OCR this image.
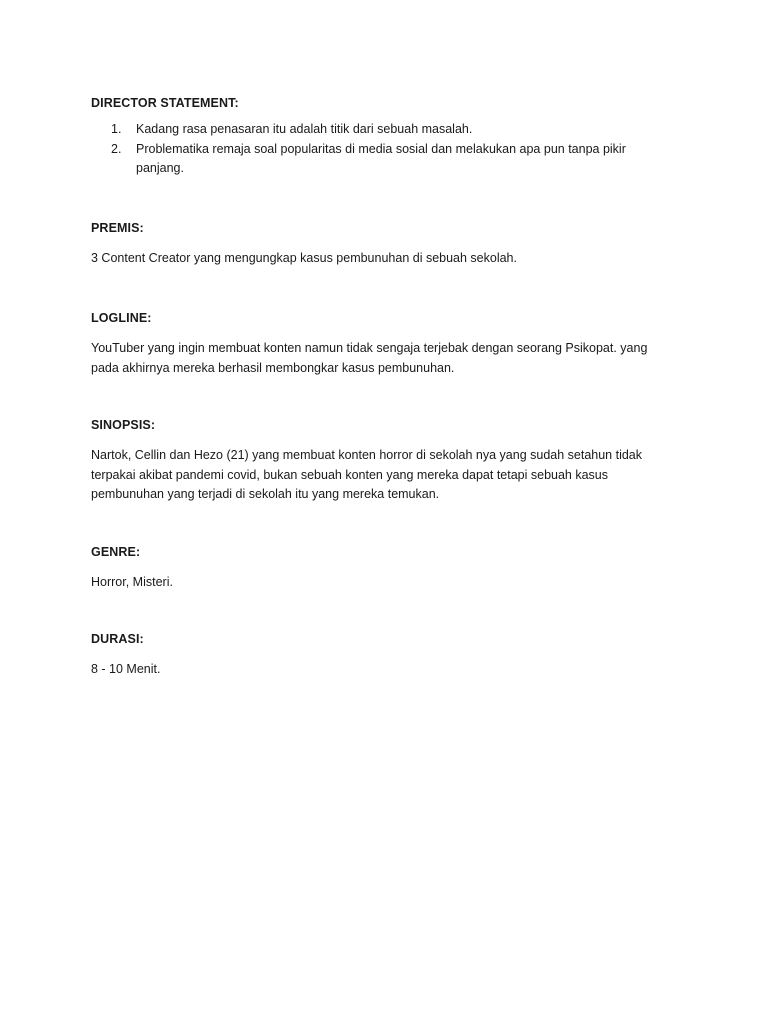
DIRECTOR STATEMENT:

1.	Kadang rasa penasaran itu adalah titik dari sebuah masalah.
2.	Problematika remaja soal popularitas di media sosial dan melakukan apa pun tanpa pikir panjang.

PREMIS:

3 Content Creator yang mengungkap kasus pembunuhan di sebuah sekolah.

LOGLINE:

YouTuber yang ingin membuat konten namun tidak sengaja terjebak dengan seorang Psikopat. yang pada akhirnya mereka berhasil membongkar kasus pembunuhan.

SINOPSIS:

Nartok, Cellin dan Hezo (21) yang membuat konten horror di sekolah nya yang sudah setahun tidak terpakai akibat pandemi covid, bukan sebuah konten yang mereka dapat tetapi sebuah kasus pembunuhan yang terjadi di sekolah itu yang mereka temukan.

GENRE:

Horror, Misteri.

DURASI:

8 - 10 Menit.
